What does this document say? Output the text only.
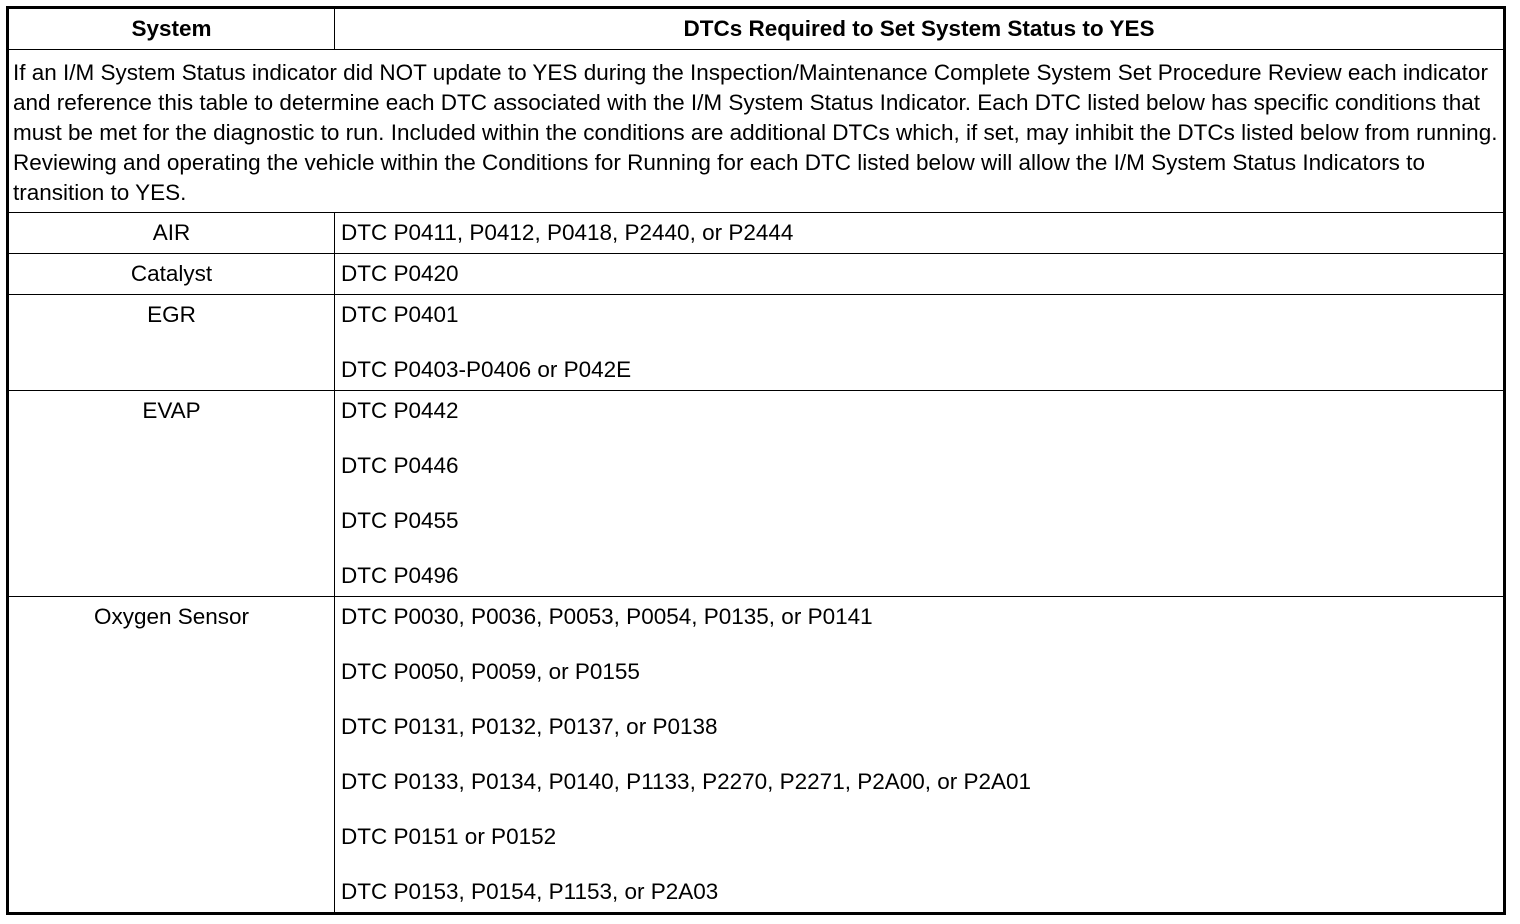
System	DTCs Required to Set System Status to YES
If an I/M System Status indicator did NOT update to YES during the Inspection/Maintenance Complete System Set Procedure Review each indicator and reference this table to determine each DTC associated with the I/M System Status Indicator. Each DTC listed below has specific conditions that must be met for the diagnostic to run. Included within the conditions are additional DTCs which, if set, may inhibit the DTCs listed below from running. Reviewing and operating the vehicle within the Conditions for Running for each DTC listed below will allow the I/M System Status Indicators to transition to YES.
AIR	DTC P0411, P0412, P0418, P2440, or P2444
Catalyst	DTC P0420
EGR	DTC P0401
DTC P0403-P0406 or P042E
EVAP	DTC P0442
DTC P0446
DTC P0455
DTC P0496
Oxygen Sensor	DTC P0030, P0036, P0053, P0054, P0135, or P0141
DTC P0050, P0059, or P0155
DTC P0131, P0132, P0137, or P0138
DTC P0133, P0134, P0140, P1133, P2270, P2271, P2A00, or P2A01
DTC P0151 or P0152
DTC P0153, P0154, P1153, or P2A03
